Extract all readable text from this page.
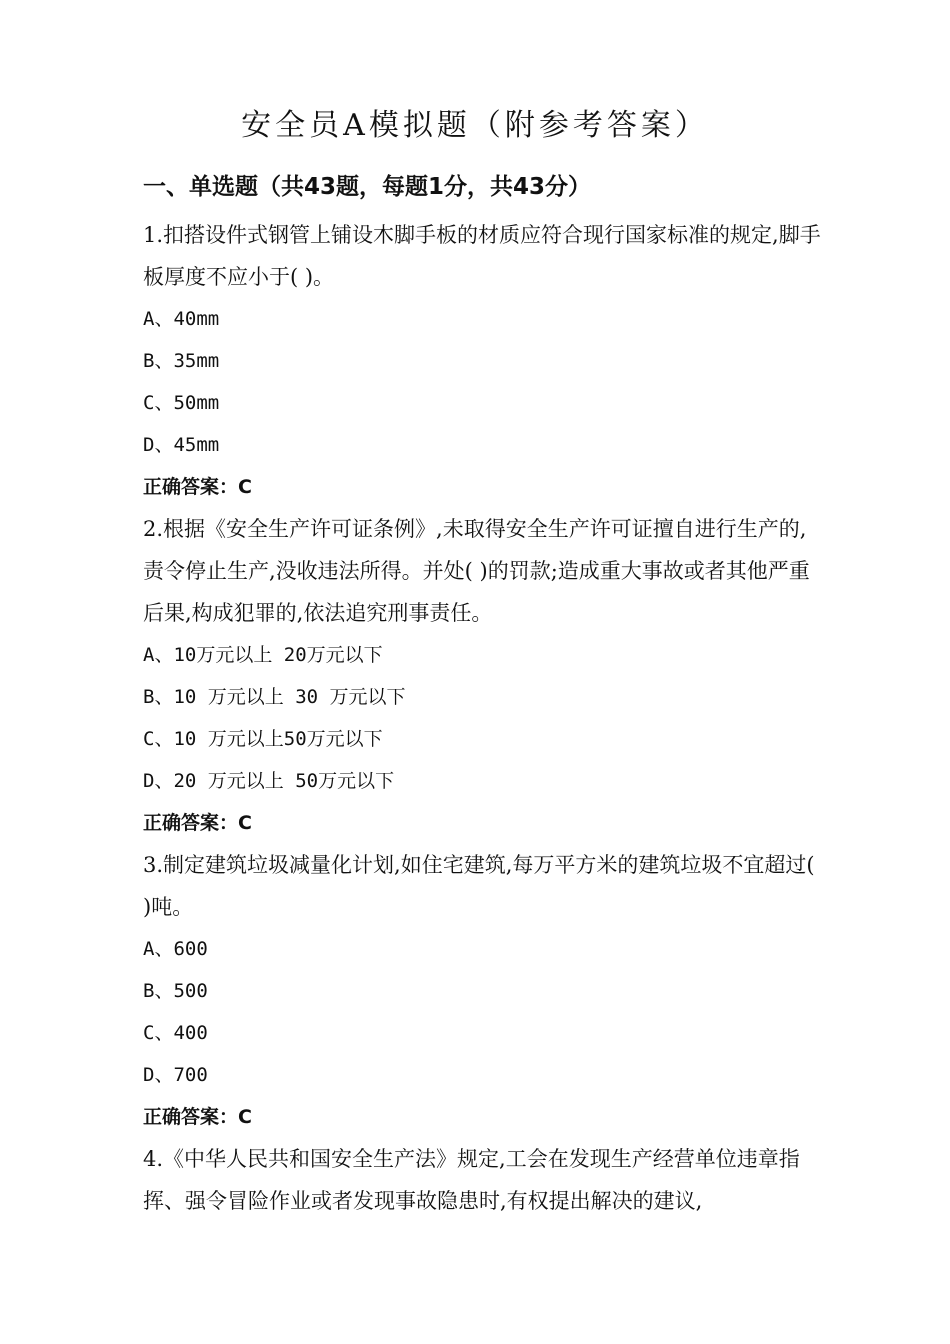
安全员A模拟题（附参考答案）
一、单选题（共43题，每题1分，共43分）

1.扣搭设件式钢管上铺设木脚手板的材质应符合现行国家标准的规定,脚手板厚度不应小于( )。

A、40mm

B、35mm

C、50mm

D、45mm

正确答案：C

2.根据《安全生产许可证条例》,未取得安全生产许可证擅自进行生产的,责令停止生产,没收违法所得。并处( )的罚款;造成重大事故或者其他严重后果,构成犯罪的,依法追究刑事责任。

A、10万元以上 20万元以下

B、10 万元以上 30 万元以下

C、10 万元以上50万元以下

D、20 万元以上 50万元以下

正确答案：C

3.制定建筑垃圾减量化计划,如住宅建筑,每万平方米的建筑垃圾不宜超过( )吨。

A、600

B、500

C、400

D、700

正确答案：C

4.《中华人民共和国安全生产法》规定,工会在发现生产经营单位违章指挥、强令冒险作业或者发现事故隐患时,有权提出解决的建议,
